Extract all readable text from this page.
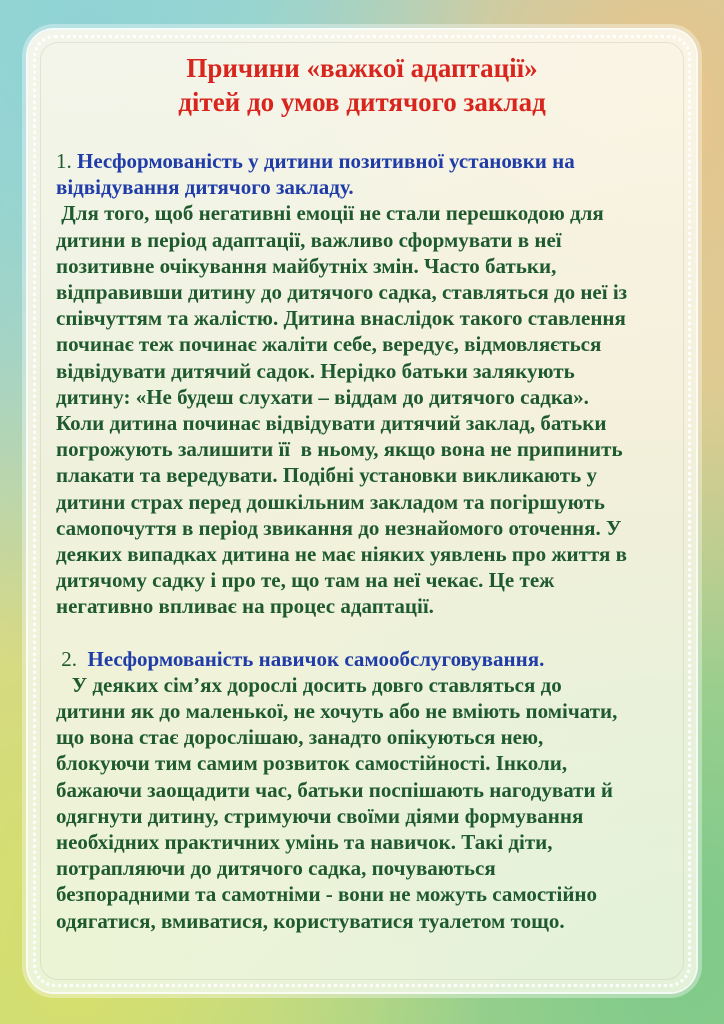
Причини «важкої адаптації»
дітей до умов дитячого заклад
1. Несформованість у дитини позитивної установки на
відвідування дитячого закладу.
Для того, щоб негативні емоції не стали перешкодою для
дитини в період адаптації, важливо сформувати в неї
позитивне очікування майбутніх змін. Часто батьки,
відправивши дитину до дитячого садка, ставляться до неї із
співчуттям та жалістю. Дитина внаслідок такого ставлення
починає теж починає жаліти себе, вередує, відмовляється
відвідувати дитячий садок. Нерідко батьки залякують
дитину: «Не будеш слухати – віддам до дитячого садка».
Коли дитина починає відвідувати дитячий заклад, батьки
погрожують залишити її  в ньому, якщо вона не припинить
плакати та вередувати. Подібні установки викликають у
дитини страх перед дошкільним закладом та погіршують
самопочуття в період звикання до незнайомого оточення. У
деяких випадках дитина не має ніяких уявлень про життя в
дитячому садку і про те, що там на неї чекає. Це теж
негативно впливає на процес адаптації.
2. Несформованість навичок самообслуговування.
У деяких сім’ях дорослі досить довго ставляться до
дитини як до маленької, не хочуть або не вміють помічати,
що вона стає дорослішаю, занадто опікуються нею,
блокуючи тим самим розвиток самостійності. Інколи,
бажаючи заощадити час, батьки поспішають нагодувати й
одягнути дитину, стримуючи своїми діями формування
необхідних практичних умінь та навичок. Такі діти,
потрапляючи до дитячого садка, почуваються
безпорадними та самотніми - вони не можуть самостійно
одягатися, вмиватися, користуватися туалетом тощо.
